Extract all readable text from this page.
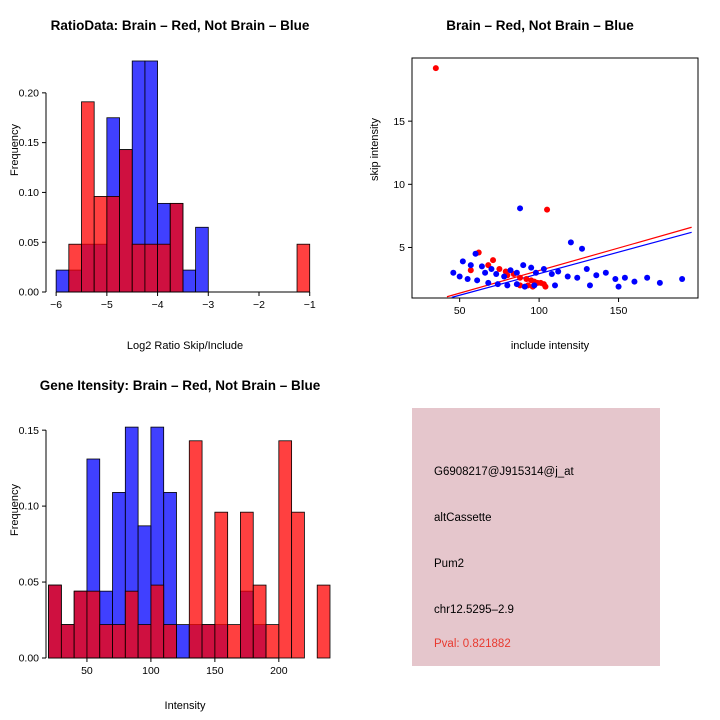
RatioData: Brain – Red, Not Brain – Blue
Frequency
Log2 Ratio Skip/Include
0.00
0.05
0.10
0.15
0.20
−6	−5	−4	−3	−2	−1
Brain – Red, Not Brain – Blue
skip intensity
include intensity
5
10
15
50	100	150
Gene Itensity: Brain – Red, Not Brain – Blue
Frequency
Intensity
0.00
0.05
0.10
0.15
50	100	150	200
G6908217@J915314@j_at
altCassette
Pum2
chr12.5295–2.9
Pval: 0.821882
